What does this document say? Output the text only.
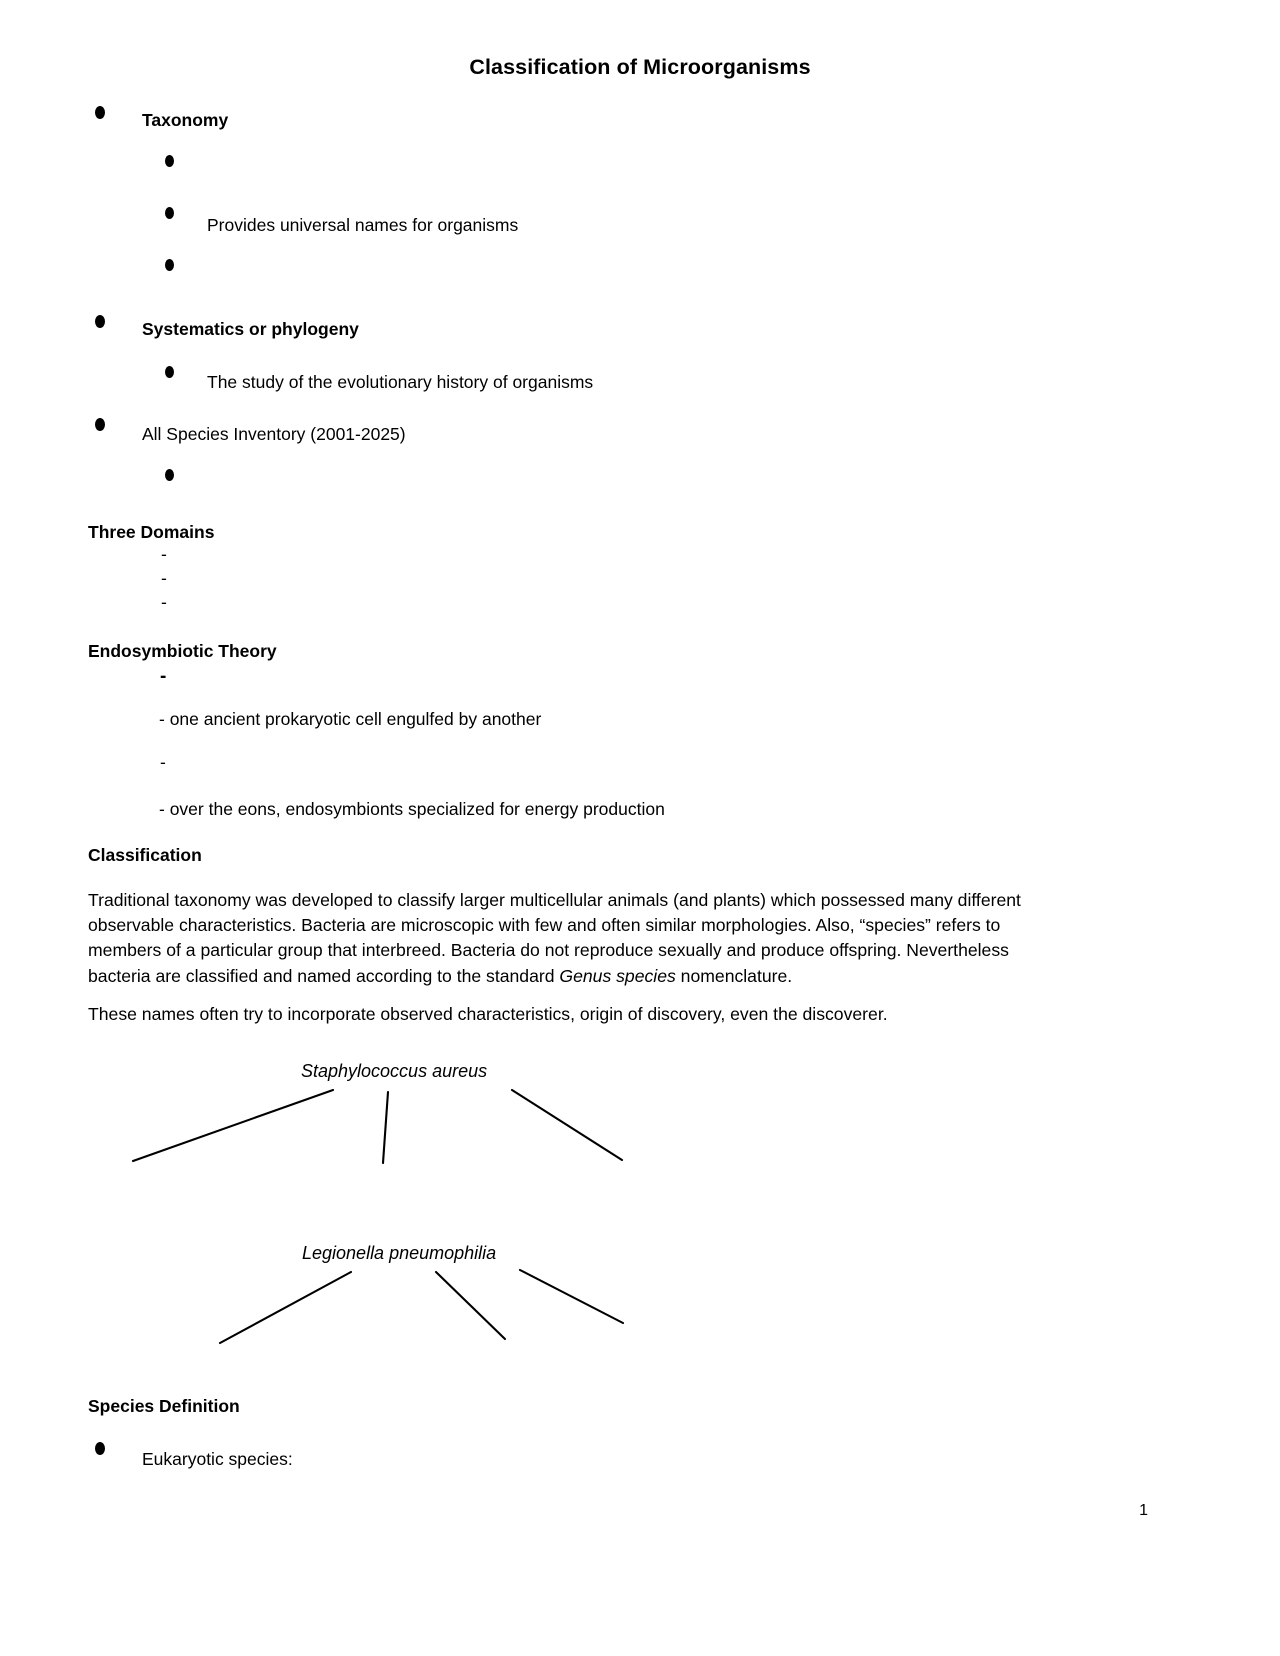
Classification of Microorganisms
Taxonomy
Provides universal names for organisms
Systematics or phylogeny
The study of the evolutionary history of organisms
All Species Inventory (2001-2025)
Three Domains
-
-
-
Endosymbiotic Theory
-
- one ancient prokaryotic cell engulfed by another
-
- over the eons, endosymbionts specialized for energy production
Classification
Traditional taxonomy was developed to classify larger multicellular animals (and plants) which possessed many different
observable characteristics. Bacteria are microscopic with few and often similar morphologies. Also, “species” refers to
members of a particular group that interbreed. Bacteria do not reproduce sexually and produce offspring. Nevertheless
bacteria are classified and named according to the standard Genus species nomenclature.
These names often try to incorporate observed characteristics, origin of discovery, even the discoverer.
Staphylococcus aureus
Legionella pneumophilia
Species Definition
Eukaryotic species:
1
